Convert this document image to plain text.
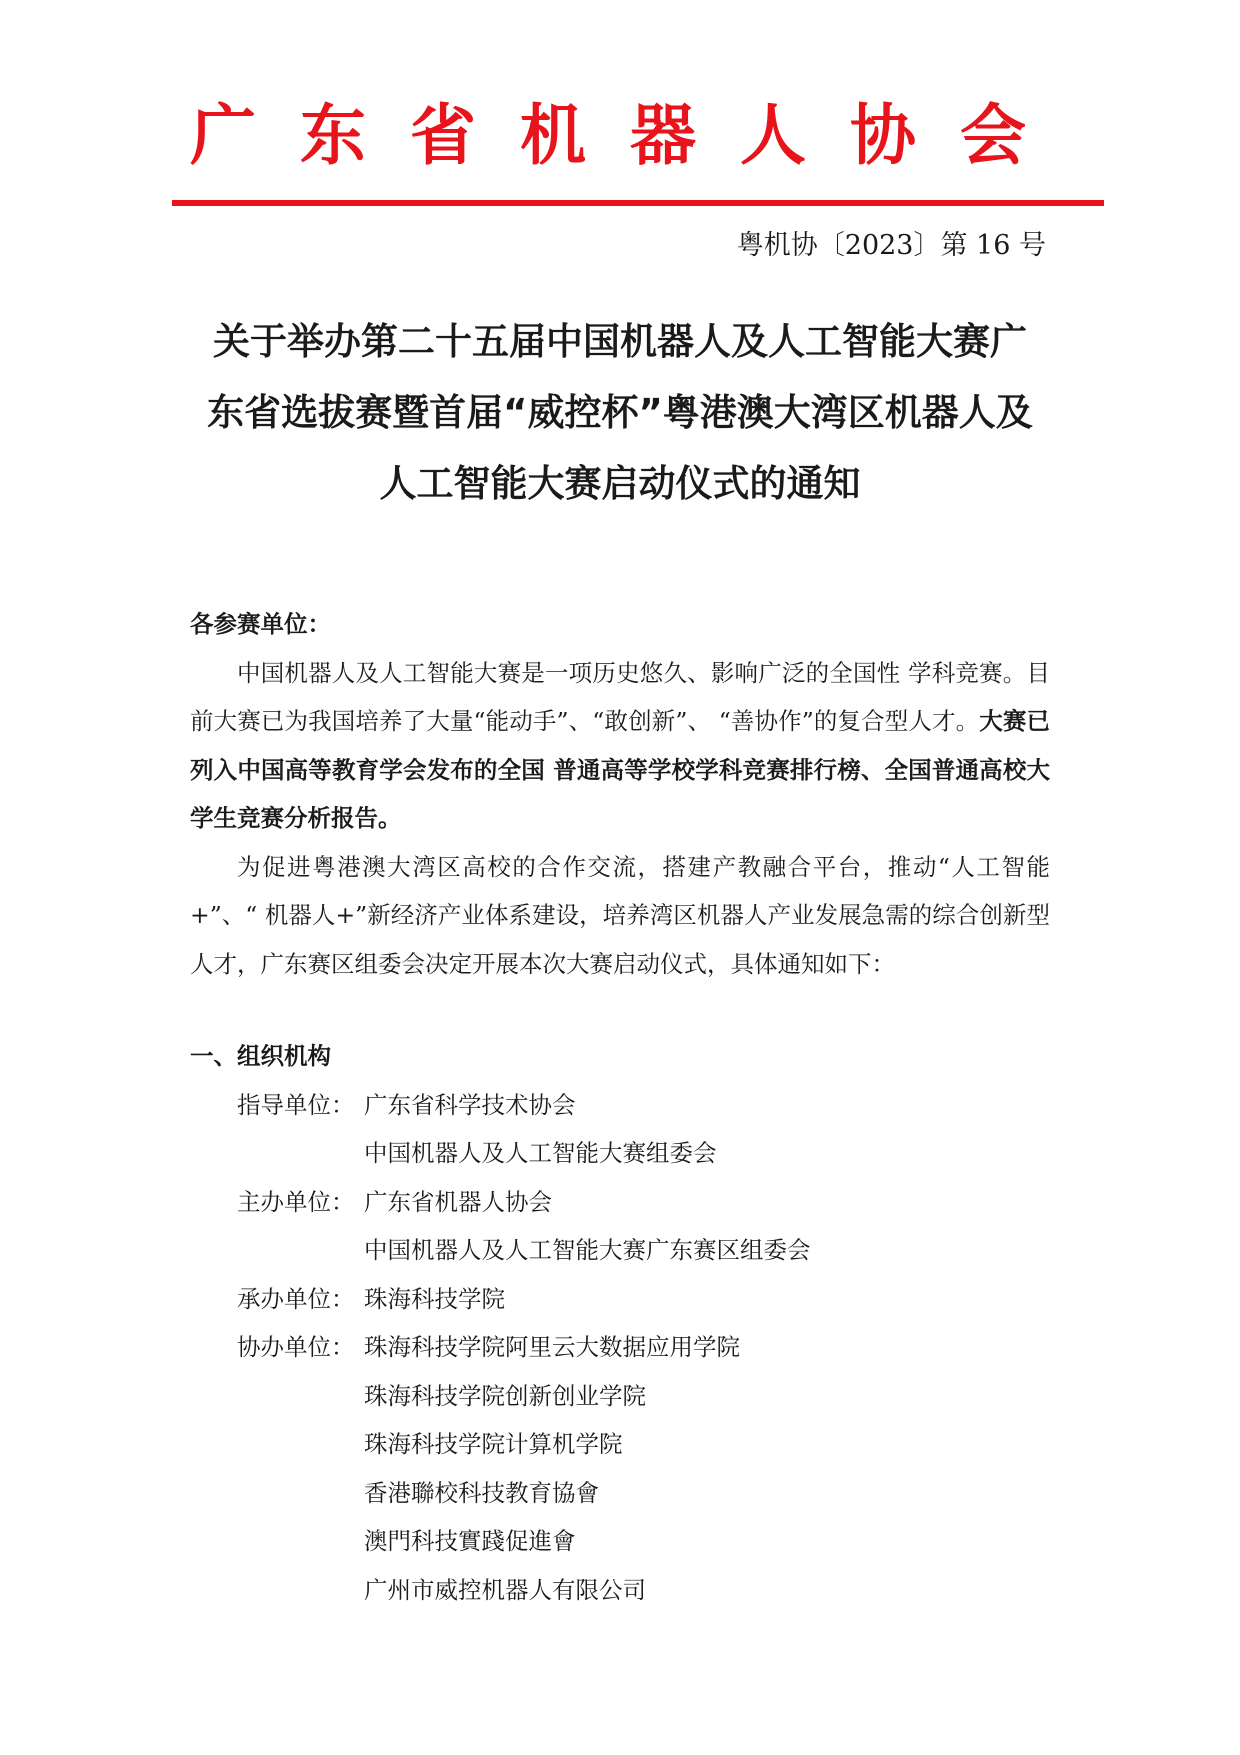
广东省机器人协会
粤机协〔2023〕第 16 号
关于举办第二十五届中国机器人及人工智能大赛广
东省选拔赛暨首届“威控杯”粤港澳大湾区机器人及
人工智能大赛启动仪式的通知
各参赛单位：
中国机器人及人工智能大赛是一项历史悠久、影响广泛的全国性 学科竞赛。目前大赛已为我国培养了大量“能动手”、“敢创新”、 “善协作”的复合型人才。大赛已列入中国高等教育学会发布的全国 普通高等学校学科竞赛排行榜、全国普通高校大学生竞赛分析报告。
为促进粤港澳大湾区高校的合作交流，搭建产教融合平台，推动“人工智能+”、“ 机器人+”新经济产业体系建设，培养湾区机器人产业发展急需的综合创新型人才，广东赛区组委会决定开展本次大赛启动仪式，具体通知如下：
一、组织机构
指导单位： 广东省科学技术协会
中国机器人及人工智能大赛组委会
主办单位： 广东省机器人协会
中国机器人及人工智能大赛广东赛区组委会
承办单位： 珠海科技学院
协办单位： 珠海科技学院阿里云大数据应用学院
珠海科技学院创新创业学院
珠海科技学院计算机学院
香港聯校科技教育協會
澳門科技實踐促進會
广州市威控机器人有限公司
